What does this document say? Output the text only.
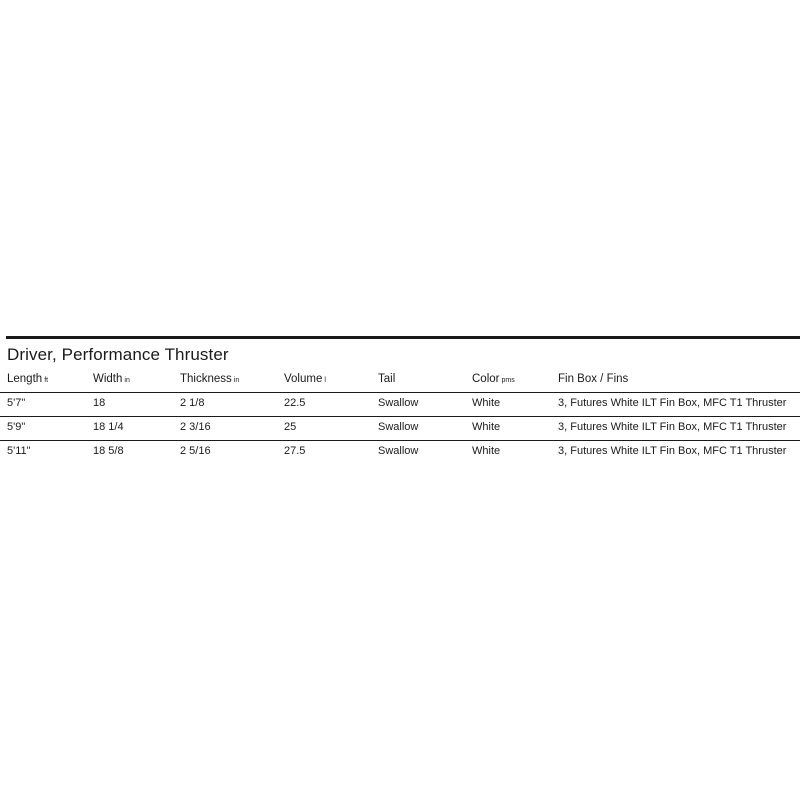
Driver, Performance Thruster
Length ft	Width in	Thickness in	Volume l	Tail	Color pms	Fin Box / Fins
5'7"	18	2 1/8	22.5	Swallow	White	3, Futures White ILT Fin Box, MFC T1 Thruster
5'9"	18 1/4	2 3/16	25	Swallow	White	3, Futures White ILT Fin Box, MFC T1 Thruster
5'11"	18 5/8	2 5/16	27.5	Swallow	White	3, Futures White ILT Fin Box, MFC T1 Thruster
